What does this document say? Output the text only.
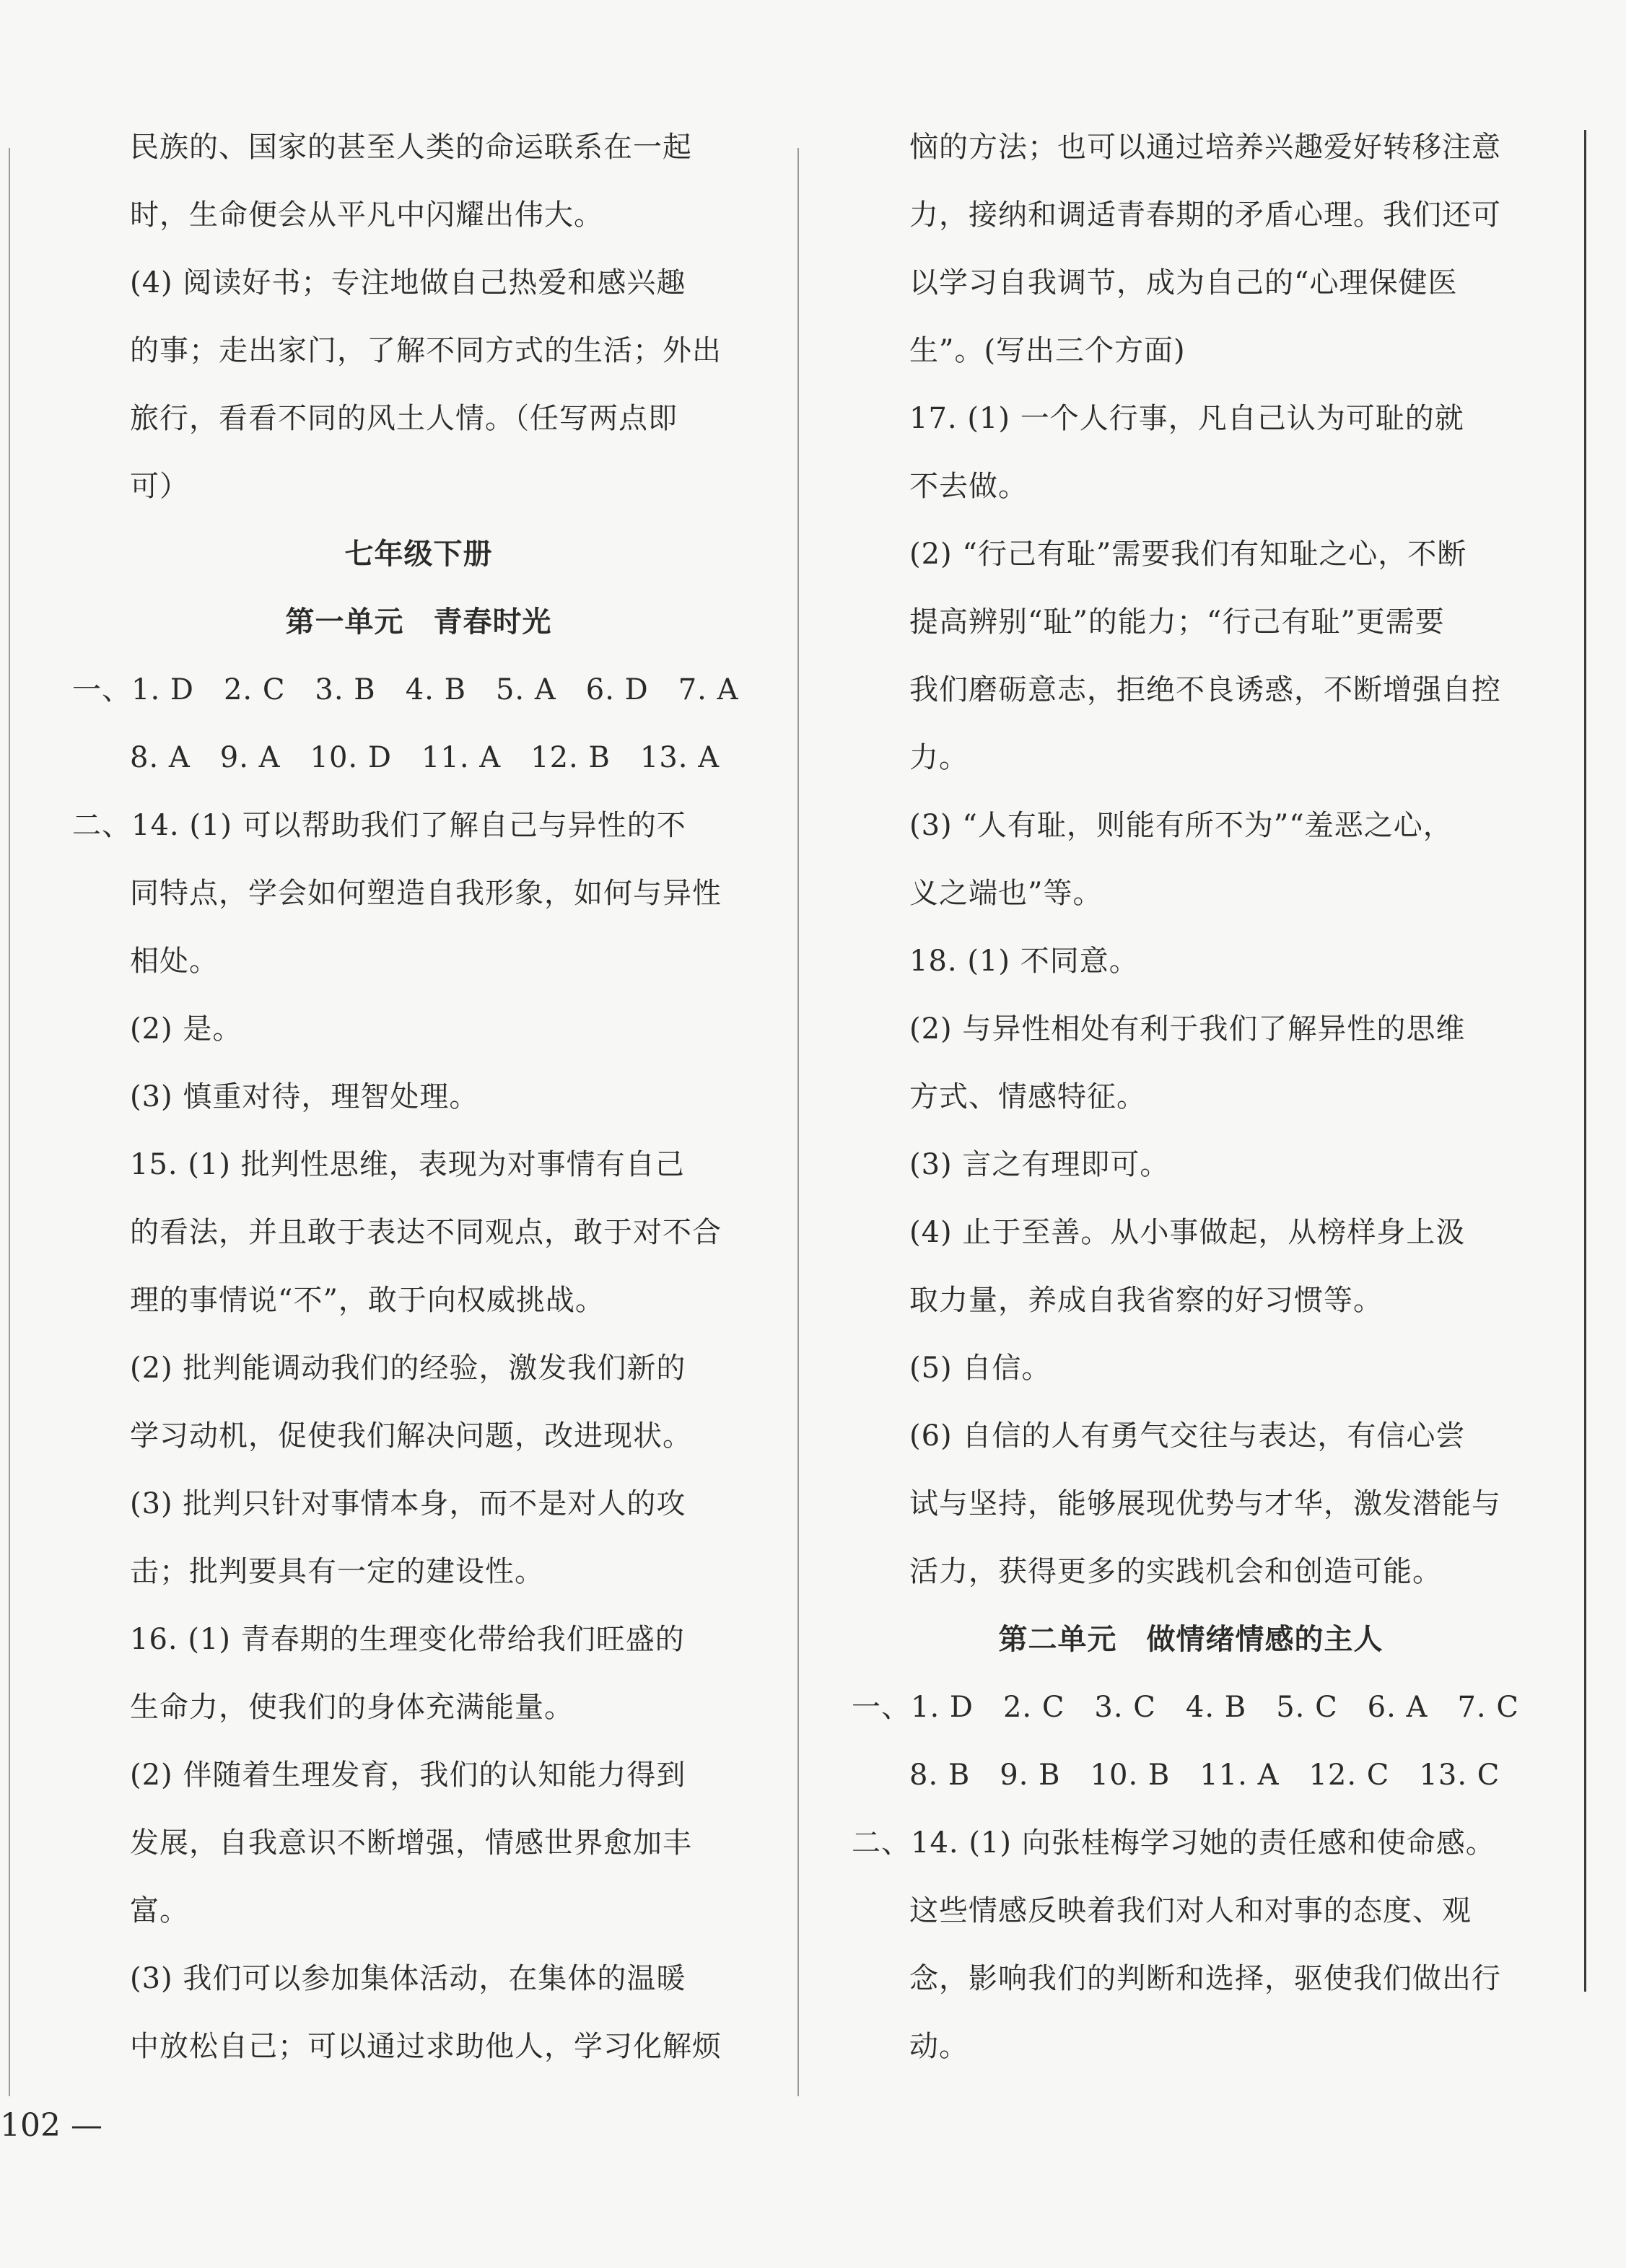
民族的、国家的甚至人类的命运联系在一起
时，生命便会从平凡中闪耀出伟大。
(4) 阅读好书；专注地做自己热爱和感兴趣
的事；走出家门，了解不同方式的生活；外出
旅行，看看不同的风土人情。（任写两点即
可）
七年级下册
第一单元　青春时光
一、1. D　2. C　3. B　4. B　5. A　6. D　7. A
8. A　9. A　10. D　11. A　12. B　13. A
二、14. (1) 可以帮助我们了解自己与异性的不
同特点，学会如何塑造自我形象，如何与异性
相处。
(2) 是。
(3) 慎重对待，理智处理。
15. (1) 批判性思维，表现为对事情有自己
的看法，并且敢于表达不同观点，敢于对不合
理的事情说“不”，敢于向权威挑战。
(2) 批判能调动我们的经验，激发我们新的
学习动机，促使我们解决问题，改进现状。
(3) 批判只针对事情本身，而不是对人的攻
击；批判要具有一定的建设性。
16. (1) 青春期的生理变化带给我们旺盛的
生命力，使我们的身体充满能量。
(2) 伴随着生理发育，我们的认知能力得到
发展，自我意识不断增强，情感世界愈加丰
富。
(3) 我们可以参加集体活动，在集体的温暖
中放松自己；可以通过求助他人，学习化解烦
恼的方法；也可以通过培养兴趣爱好转移注意
力，接纳和调适青春期的矛盾心理。我们还可
以学习自我调节，成为自己的“心理保健医
生”。(写出三个方面)
17. (1) 一个人行事，凡自己认为可耻的就
不去做。
(2) “行己有耻”需要我们有知耻之心，不断
提高辨别“耻”的能力；“行己有耻”更需要
我们磨砺意志，拒绝不良诱惑，不断增强自控
力。
(3) “人有耻，则能有所不为”“羞恶之心，
义之端也”等。
18. (1) 不同意。
(2) 与异性相处有利于我们了解异性的思维
方式、情感特征。
(3) 言之有理即可。
(4) 止于至善。从小事做起，从榜样身上汲
取力量，养成自我省察的好习惯等。
(5) 自信。
(6) 自信的人有勇气交往与表达，有信心尝
试与坚持，能够展现优势与才华，激发潜能与
活力，获得更多的实践机会和创造可能。
第二单元　做情绪情感的主人
一、1. D　2. C　3. C　4. B　5. C　6. A　7. C
8. B　9. B　10. B　11. A　12. C　13. C
二、14. (1) 向张桂梅学习她的责任感和使命感。
这些情感反映着我们对人和对事的态度、观
念，影响我们的判断和选择，驱使我们做出行
动。
102 —
